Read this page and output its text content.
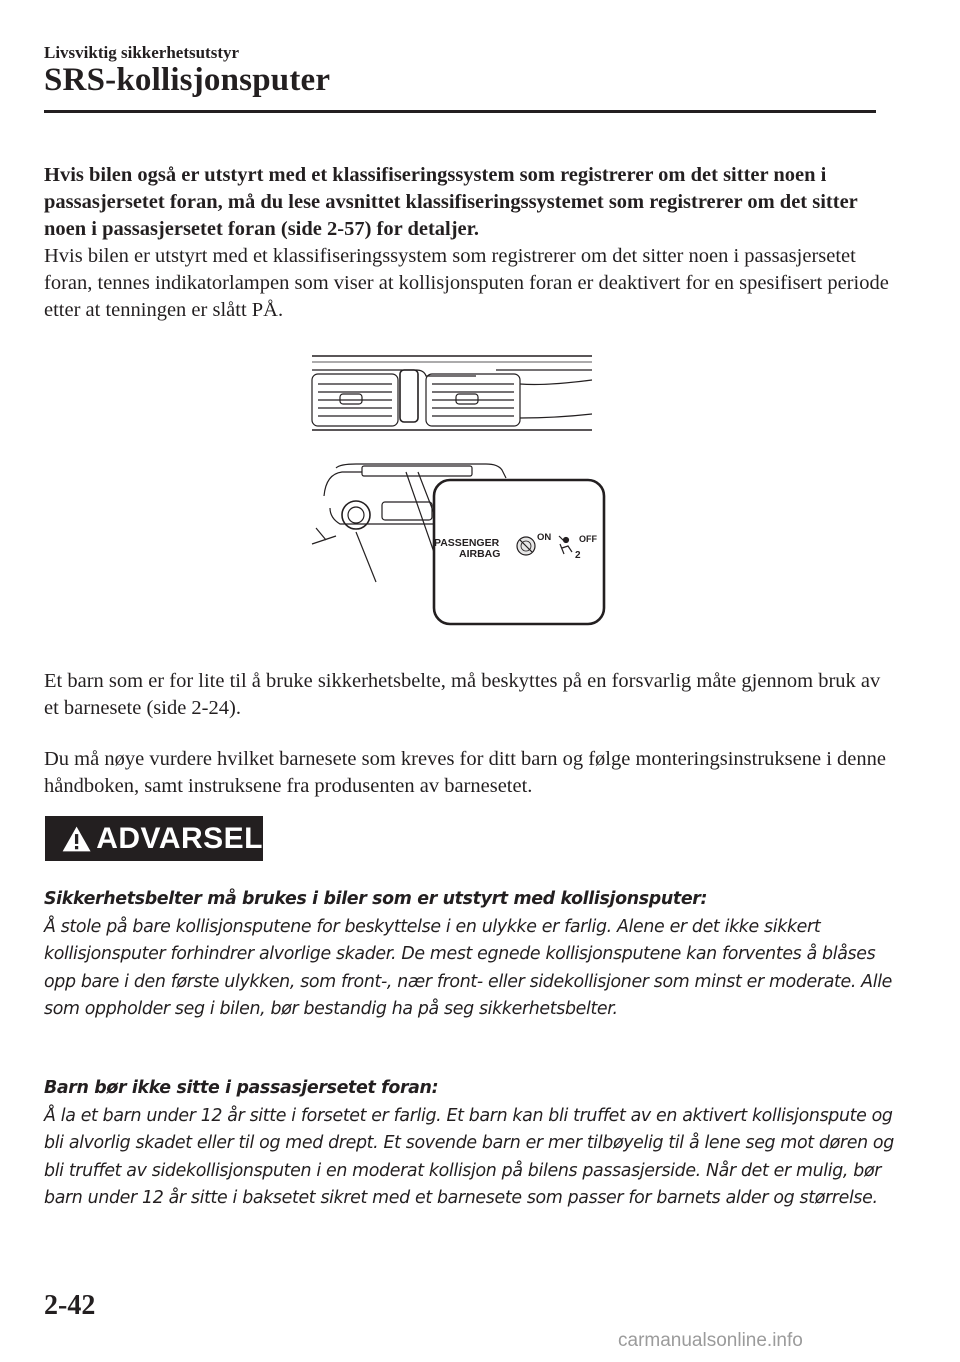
Livsviktig sikkerhetsutstyr
SRS-kollisjonsputer
Hvis bilen også er utstyrt med et klassifiseringssystem som registrerer om det sitter noen i passasjersetet foran, må du lese avsnittet klassifiseringssystemet som registrerer om det sitter noen i passasjersetet foran (side 2-57) for detaljer.
Hvis bilen er utstyrt med et klassifiseringssystem som registrerer om det sitter noen i passasjersetet foran, tennes indikatorlampen som viser at kollisjonsputen foran er deaktivert for en spesifisert periode etter at tenningen er slått PÅ.
PASSENGER
AIRBAG
ON	OFF
2
Et barn som er for lite til å bruke sikkerhetsbelte, må beskyttes på en forsvarlig måte gjennom bruk av et barnesete (side 2-24).
Du må nøye vurdere hvilket barnesete som kreves for ditt barn og følge monteringsinstruksene i denne håndboken, samt instruksene fra produsenten av barnesetet.
ADVARSEL
Sikkerhetsbelter må brukes i biler som er utstyrt med kollisjonsputer:
Å stole på bare kollisjonsputene for beskyttelse i en ulykke er farlig. Alene er det ikke sikkert kollisjonsputer forhindrer alvorlige skader. De mest egnede kollisjonsputene kan forventes å blåses opp bare i den første ulykken, som front-, nær front- eller sidekollisjoner som minst er moderate. Alle som oppholder seg i bilen, bør bestandig ha på seg sikkerhetsbelter.
Barn bør ikke sitte i passasjersetet foran:
Å la et barn under 12 år sitte i forsetet er farlig. Et barn kan bli truffet av en aktivert kollisjonspute og bli alvorlig skadet eller til og med drept. Et sovende barn er mer tilbøyelig til å lene seg mot døren og bli truffet av sidekollisjonsputen i en moderat kollisjon på bilens passasjerside. Når det er mulig, bør barn under 12 år sitte i baksetet sikret med et barnesete som passer for barnets alder og størrelse.
2-42
carmanualsonline.info
